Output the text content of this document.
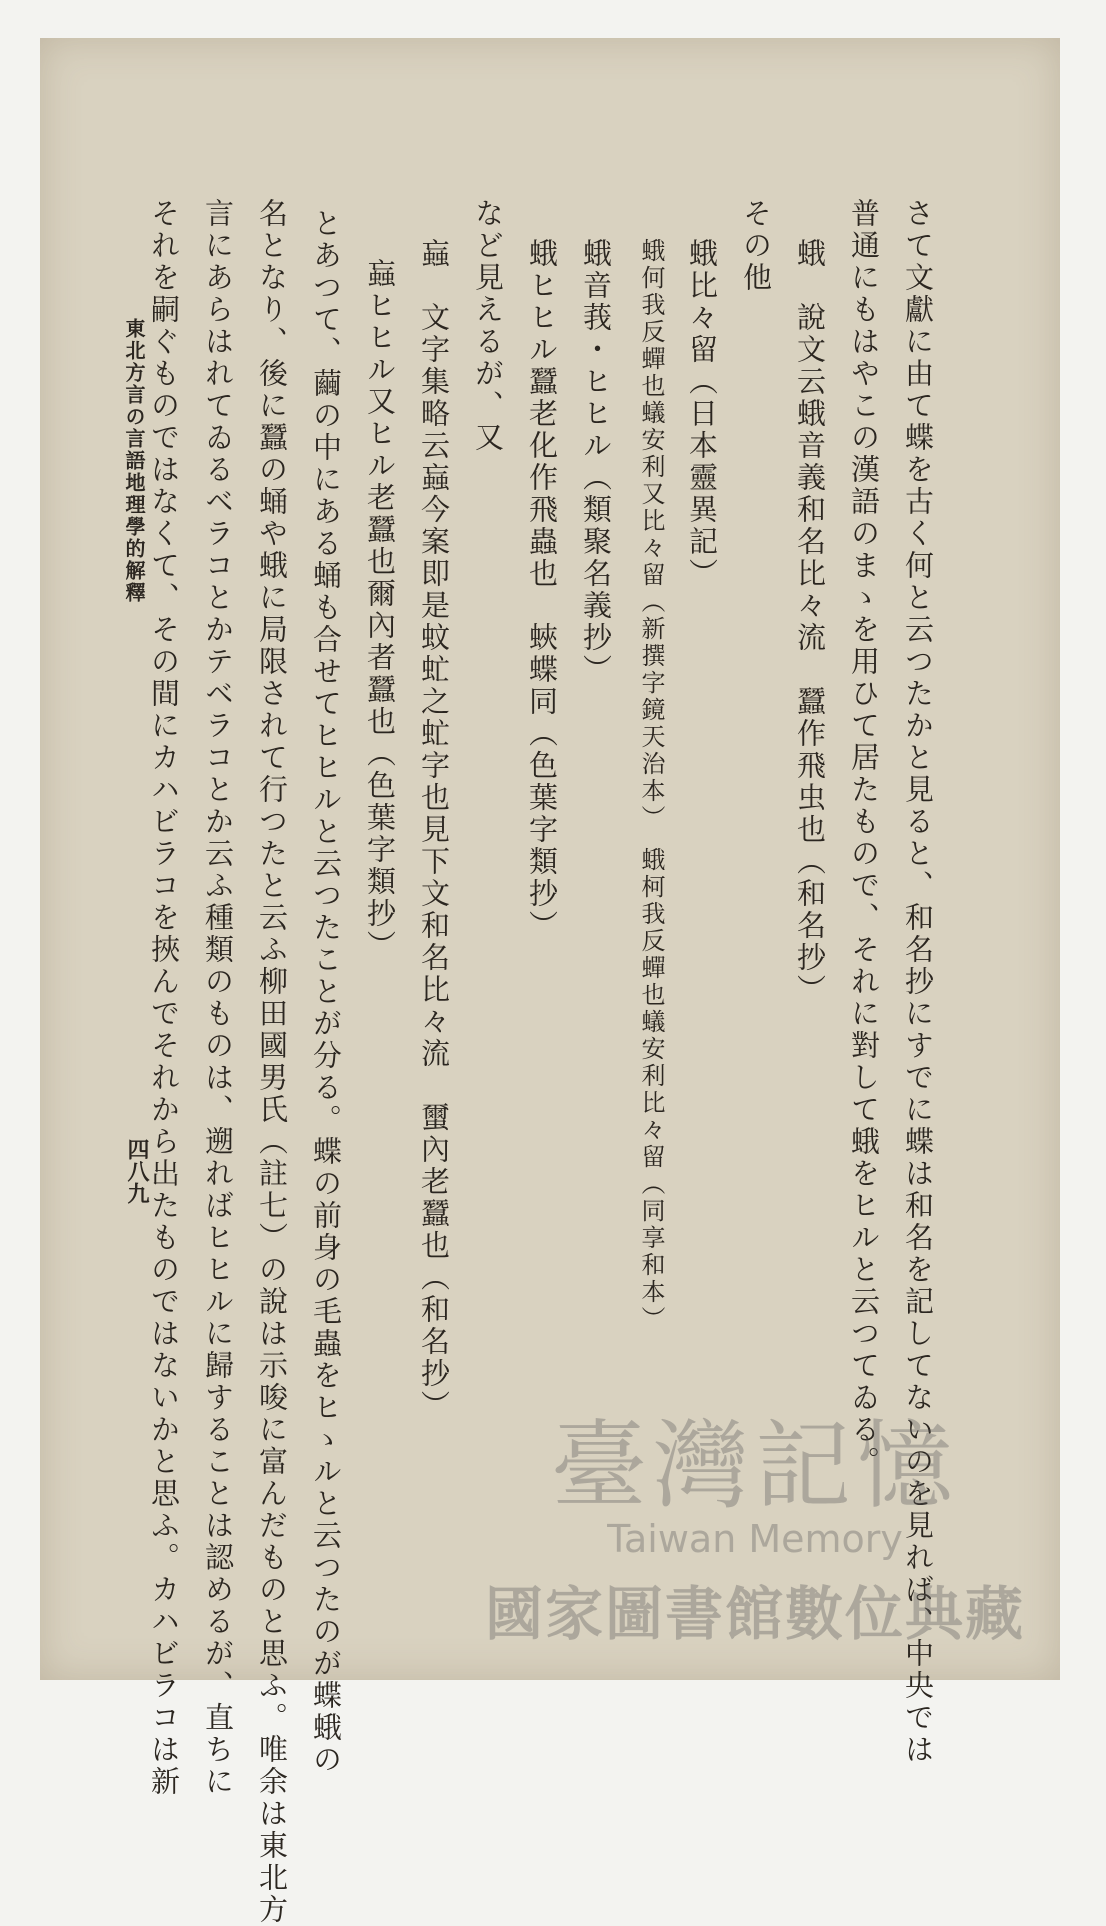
さて文獻に由て蝶を古く何と云つたかと見ると、和名抄にすでに蝶は和名を記してないのを見れば、中央では
普通にもはやこの漢語のまゝを用ひて居たもので、それに對して蛾をヒルと云つてゐる。
蛾　說文云蛾音義和名比々流　蠶作飛虫也（和名抄）
その他
蛾比々留（日本靈異記）
蛾何我反蟬也蟻安利又比々留（新撰字鏡天治本）　蛾柯我反蟬也蟻安利比々留（同享和本）
蛾音莪・ヒヒル（類聚名義抄）
蛾ヒヒル蠶老化作飛蟲也　蛺蝶同（色葉字類抄）
など見えるが、又
蝱　文字集略云蝱今案即是蚊虻之虻字也見下文和名比々流　蠒內老蠶也（和名抄）
蝱ヒヒル又ヒル老蠶也爾內者蠶也（色葉字類抄）
とあつて、繭の中にある蛹も合せてヒヒルと云つたことが分る。蝶の前身の毛蟲をヒゝルと云つたのが蝶蛾の
名となり、後に蠶の蛹や蛾に局限されて行つたと云ふ柳田國男氏（註七）の說は示唆に富んだものと思ふ。唯余は東北方
言にあらはれてゐるベラコとかテベラコとか云ふ種類のものは、遡ればヒヒルに歸することは認めるが、直ちに
それを嗣ぐものではなくて、その間にカハビラコを挾んでそれから出たものではないかと思ふ。カハビラコは新
東北方言の言語地理學的解釋
四八九
臺灣記憶
Taiwan Memory
國家圖書館數位典藏
